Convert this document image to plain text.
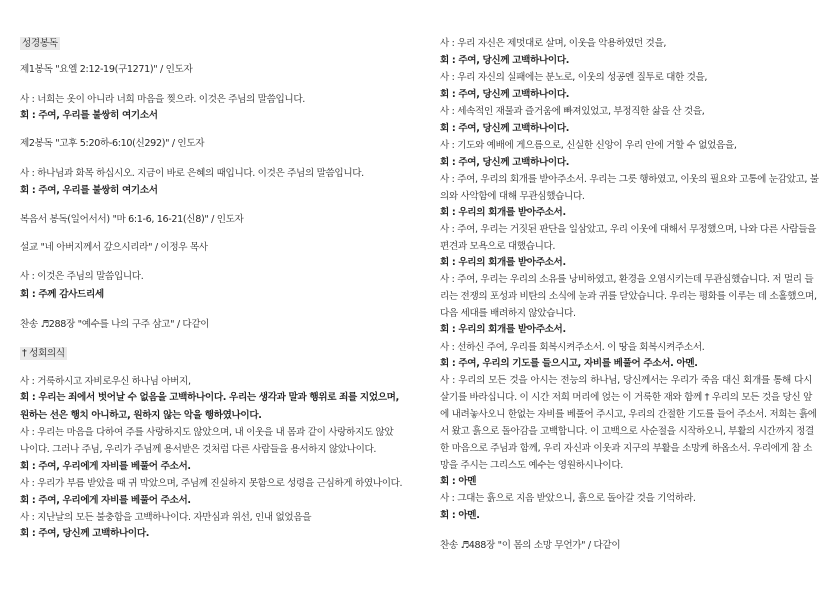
성경봉독
제1봉독 "요엘 2:12-19(구1271)" / 인도자
사 : 너희는 옷이 아니라 너희 마음을 찢으라. 이것은 주님의 말씀입니다.
회 : 주여, 우리를 불쌍히 여기소서
제2봉독 "고후 5:20하-6:10(신292)" / 인도자
사 : 하나님과 화목 하십시오. 지금이 바로 은혜의 때입니다. 이것은 주님의 말씀입니다.
회 : 주여, 우리를 불쌍히 여기소서
복음서 봉독(일어서서) "마 6:1-6, 16-21(신8)" / 인도자
설교 "네 아버지께서 갚으시리라" / 이정우 목사
사 : 이것은 주님의 말씀입니다.
회 : 주께 감사드리세
찬송 ♬288장 "예수를 나의 구주 삼고" / 다같이
† 성회의식
사 : 거룩하시고 자비로우신 하나님 아버지,
회 : 우리는 죄에서 벗어날 수 없음을 고백하나이다. 우리는 생각과 말과 행위로 죄를 지었으며,
원하는 선은 행치 아니하고, 원하지 않는 악을 행하였나이다.
사 : 우리는 마음을 다하여 주를 사랑하지도 않았으며, 내 이웃을 내 몸과 같이 사랑하지도 않았
나이다. 그러나 주님, 우리가 주님께 용서받은 것처럼 다른 사람들을 용서하지 않았나이다.
회 : 주여, 우리에게 자비를 베풀어 주소서.
사 : 우리가 부름 받았을 때 귀 막았으며, 주님께 진실하지 못함으로 성령을 근심하게 하였나이다.
회 : 주여, 우리에게 자비를 베풀어 주소서.
사 : 지난날의 모든 불충함을 고백하나이다. 자만심과 위선, 인내 없었음을
회 : 주여, 당신께 고백하나이다.
사 : 우리 자신은 제멋대로 살며, 이웃을 악용하였던 것을,
회 : 주여, 당신께 고백하나이다.
사 : 우리 자신의 실패에는 분노로, 이웃의 성공엔 질투로 대한 것을,
회 : 주여, 당신께 고백하나이다.
사 : 세속적인 재물과 즐거움에 빠져있었고, 부정직한 삶을 산 것을,
회 : 주여, 당신께 고백하나이다.
사 : 기도와 예배에 게으름으로, 신실한 신앙이 우리 안에 거할 수 없었음을,
회 : 주여, 당신께 고백하나이다.
사 : 주여, 우리의 회개를 받아주소서. 우리는 그릇 행하였고, 이웃의 필요와 고통에 눈감았고, 불
의와 사악함에 대해 무관심했습니다.
회 : 우리의 회개를 받아주소서.
사 : 주여, 우리는 거짓된 판단을 일삼았고, 우리 이웃에 대해서 무정했으며, 나와 다른 사람들을
편견과 모욕으로 대했습니다.
회 : 우리의 회개를 받아주소서.
사 : 주여, 우리는 우리의 소유를 낭비하였고, 환경을 오염시키는데 무관심했습니다. 저 멀리 들
리는 전쟁의 포성과 비탄의 소식에 눈과 귀를 닫았습니다. 우리는 평화를 이루는 데 소홀했으며,
다음 세대를 배려하지 않았습니다.
회 : 우리의 회개를 받아주소서.
사 : 선하신 주여, 우리를 회복시켜주소서. 이 땅을 회복시켜주소서.
회 : 주여, 우리의 기도를 들으시고, 자비를 베풀어 주소서. 아멘.
사 : 우리의 모든 것을 아시는 전능의 하나님, 당신께서는 우리가 죽음 대신 회개를 통해 다시
살기를 바라십니다. 이 시간 저희 머리에 얹는 이 거룩한 재와 함께 † 우리의 모든 것을 당신 앞
에 내려놓사오니 한없는 자비를 베풀어 주시고, 우리의 간절한 기도를 들어 주소서. 저희는 흙에
서 왔고 흙으로 돌아감을 고백합니다. 이 고백으로 사순절을 시작하오니, 부활의 시간까지 정결
한 마음으로 주님과 함께, 우리 자신과 이웃과 지구의 부활을 소망케 하옵소서. 우리에게 참 소
망을 주시는 그리스도 예수는 영원하시나이다.
회 : 아멘
사 : 그대는 흙으로 지음 받았으니, 흙으로 돌아갈 것을 기억하라.
회 : 아멘.
찬송 ♬488장 "이 몸의 소망 무언가" / 다같이
